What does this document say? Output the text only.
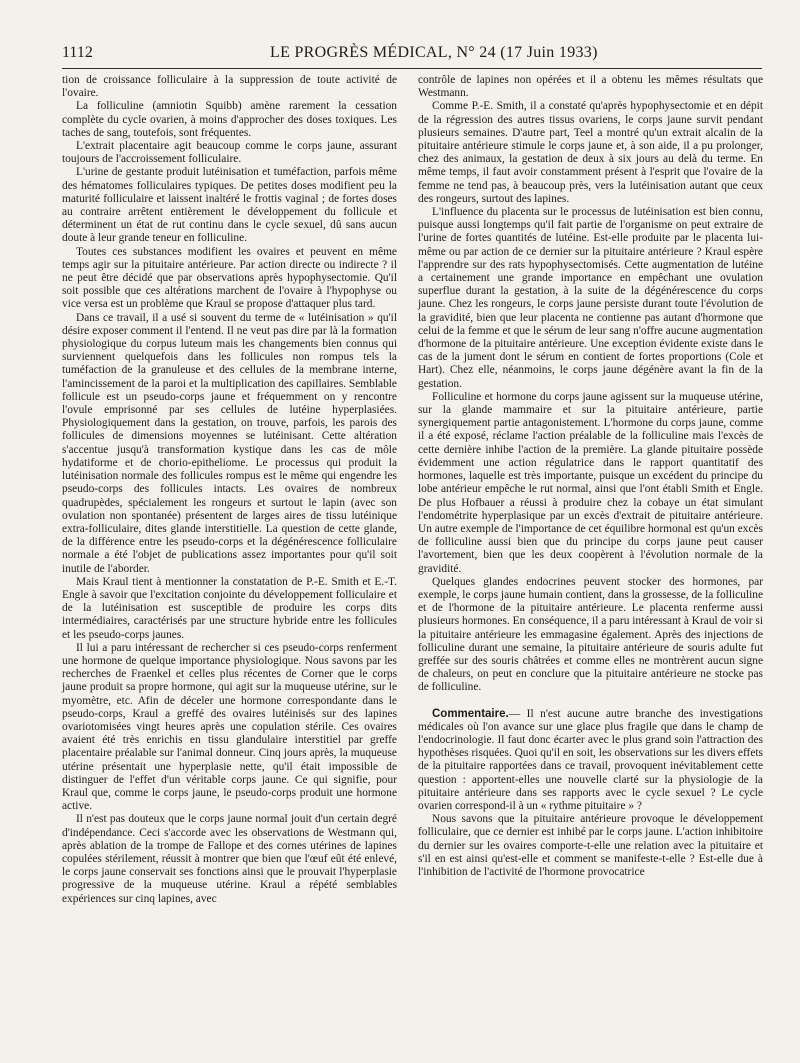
1112	LE PROGRÈS MÉDICAL, N° 24 (17 Juin 1933)

tion de croissance folliculaire à la suppression de toute activité de l'ovaire.

La folliculine (amniotin Squibb) amène rarement la cessation complète du cycle ovarien, à moins d'approcher des doses toxiques. Les taches de sang, toutefois, sont fréquentes.

L'extrait placentaire agit beaucoup comme le corps jaune, assurant toujours de l'accroissement folliculaire.

L'urine de gestante produit lutéinisation et tuméfaction, parfois même des hématomes folliculaires typiques. De petites doses modifient peu la maturité folliculaire et laissent inaltéré le frottis vaginal ; de fortes doses au contraire arrêtent entièrement le développement du follicule et déterminent un état de rut continu dans le cycle sexuel, dû sans aucun doute à leur grande teneur en folliculine.

Toutes ces substances modifient les ovaires et peuvent en même temps agir sur la pituitaire antérieure. Par action directe ou indirecte ? il ne peut être décidé que par observations après hypophysectomie. Qu'il soit possible que ces altérations marchent de l'ovaire à l'hypophyse ou vice versa est un problème que Kraul se propose d'attaquer plus tard.

Dans ce travail, il a usé si souvent du terme de « lutéinisation » qu'il désire exposer comment il l'entend. Il ne veut pas dire par là la formation physiologique du corpus luteum mais les changements bien connus qui surviennent quelquefois dans les follicules non rompus tels la tuméfaction de la granuleuse et des cellules de la membrane interne, l'amincissement de la paroi et la multiplication des capillaires. Semblable follicule est un pseudo-corps jaune et fréquemment on y rencontre l'ovule emprisonné par ses cellules de lutéine hyperplasiées. Physiologiquement dans la gestation, on trouve, parfois, les parois des follicules de dimensions moyennes se lutéinisant. Cette altération s'accentue jusqu'à transformation kystique dans les cas de môle hydatiforme et de chorio-epitheliome. Le processus qui produit la lutéinisation normale des follicules rompus est le même qui engendre les pseudo-corps des follicules intacts. Les ovaires de nombreux quadrupèdes, spécialement les rongeurs et surtout le lapin (avec son ovulation non spontanée) présentent de larges aires de tissu lutéinique extra-folliculaire, dites glande interstitielle. La question de cette glande, de la différence entre les pseudo-corps et la dégénérescence folliculaire normale a été l'objet de publications assez importantes pour qu'il soit inutile de l'aborder.

Mais Kraul tient à mentionner la constatation de P.-E. Smith et E.-T. Engle à savoir que l'excitation conjointe du développement folliculaire et de la lutéinisation est susceptible de produire les corps dits intermédiaires, caractérisés par une structure hybride entre les follicules et les pseudo-corps jaunes.

Il lui a paru intéressant de rechercher si ces pseudo-corps renferment une hormone de quelque importance physiologique. Nous savons par les recherches de Fraenkel et celles plus récentes de Corner que le corps jaune produit sa propre hormone, qui agit sur la muqueuse utérine, sur le myomètre, etc. Afin de déceler une hormone correspondante dans le pseudo-corps, Kraul a greffé des ovaires lutéinisés sur des lapines ovariotomisées vingt heures après une copulation stérile. Ces ovaires avaient été très enrichis en tissu glandulaire interstitiel par greffe placentaire préalable sur l'animal donneur. Cinq jours après, la muqueuse utérine présentait une hyperplasie nette, qu'il était impossible de distinguer de l'effet d'un véritable corps jaune. Ce qui signifie, pour Kraul que, comme le corps jaune, le pseudo-corps produit une hormone active.

Il n'est pas douteux que le corps jaune normal jouit d'un certain degré d'indépendance. Ceci s'accorde avec les observations de Westmann qui, après ablation de la trompe de Fallope et des cornes utérines de lapines copulées stérilement, réussit à montrer que bien que l'œuf eût été enlevé, le corps jaune conservait ses fonctions ainsi que le prouvait l'hyperplasie progressive de la muqueuse utérine. Kraul a répété semblables expériences sur cinq lapines, avec

contrôle de lapines non opérées et il a obtenu les mêmes résultats que Westmann.

Comme P.-E. Smith, il a constaté qu'après hypophysectomie et en dépit de la régression des autres tissus ovariens, le corps jaune survit pendant plusieurs semaines. D'autre part, Teel a montré qu'un extrait alcalin de la pituitaire antérieure stimule le corps jaune et, à son aide, il a pu prolonger, chez des animaux, la gestation de deux à six jours au delà du terme. En même temps, il faut avoir constamment présent à l'esprit que l'ovaire de la femme ne tend pas, à beaucoup près, vers la lutéinisation autant que ceux des rongeurs, surtout des lapines.

L'influence du placenta sur le processus de lutéinisation est bien connu, puisque aussi longtemps qu'il fait partie de l'organisme on peut extraire de l'urine de fortes quantités de lutéine. Est-elle produite par le placenta lui-même ou par action de ce dernier sur la pituitaire antérieure ? Kraul espère l'apprendre sur des rats hypophysectomisés. Cette augmentation de lutéine a certainement une grande importance en empêchant une ovulation superflue durant la gestation, à la suite de la dégénérescence du corps jaune. Chez les rongeurs, le corps jaune persiste durant toute l'évolution de la gravidité, bien que leur placenta ne contienne pas autant d'hormone que celui de la femme et que le sérum de leur sang n'offre aucune augmentation d'hormone de la pituitaire antérieure. Une exception évidente existe dans le cas de la jument dont le sérum en contient de fortes proportions (Cole et Hart). Chez elle, néanmoins, le corps jaune dégénère avant la fin de la gestation.

Folliculine et hormone du corps jaune agissent sur la muqueuse utérine, sur la glande mammaire et sur la pituitaire antérieure, partie synergiquement partie antagonistement. L'hormone du corps jaune, comme il a été exposé, réclame l'action préalable de la folliculine mais l'excès de cette dernière inhibe l'action de la première. La glande pituitaire possède évidemment une action régulatrice dans le rapport quantitatif des hormones, laquelle est très importante, puisque un excédent du principe du lobe antérieur empêche le rut normal, ainsi que l'ont établi Smith et Engle. De plus Hofbauer a réussi à produire chez la cobaye un état simulant l'endométrite hyperplasique par un excès d'extrait de pituitaire antérieure. Un autre exemple de l'importance de cet équilibre hormonal est qu'un excès de folliculine aussi bien que du principe du corps jaune peut causer l'avortement, bien que les deux coopèrent à l'évolution normale de la gravidité.

Quelques glandes endocrines peuvent stocker des hormones, par exemple, le corps jaune humain contient, dans la grossesse, de la folliculine et de l'hormone de la pituitaire antérieure. Le placenta renferme aussi plusieurs hormones. En conséquence, il a paru intéressant à Kraul de voir si la pituitaire antérieure les emmagasine également. Après des injections de folliculine durant une semaine, la pituitaire antérieure de souris adulte fut greffée sur des souris châtrées et comme elles ne montrèrent aucun signe de chaleurs, on peut en conclure que la pituitaire antérieure ne stocke pas de folliculine.

Commentaire.— Il n'est aucune autre branche des investigations médicales où l'on avance sur une glace plus fragile que dans le champ de l'endocrinologie. Il faut donc écarter avec le plus grand soin l'attraction des hypothèses risquées. Quoi qu'il en soit, les observations sur les divers effets de la pituitaire rapportées dans ce travail, provoquent inévitablement cette question : apportent-elles une nouvelle clarté sur la physiologie de la pituitaire antérieure dans ses rapports avec le cycle sexuel ? Le cycle ovarien correspond-il à un « rythme pituitaire » ?

Nous savons que la pituitaire antérieure provoque le développement folliculaire, que ce dernier est inhibé par le corps jaune. L'action inhibitoire du dernier sur les ovaires comporte-t-elle une relation avec la pituitaire et s'il en est ainsi qu'est-elle et comment se manifeste-t-elle ? Est-elle due à l'inhibition de l'activité de l'hormone provocatrice
